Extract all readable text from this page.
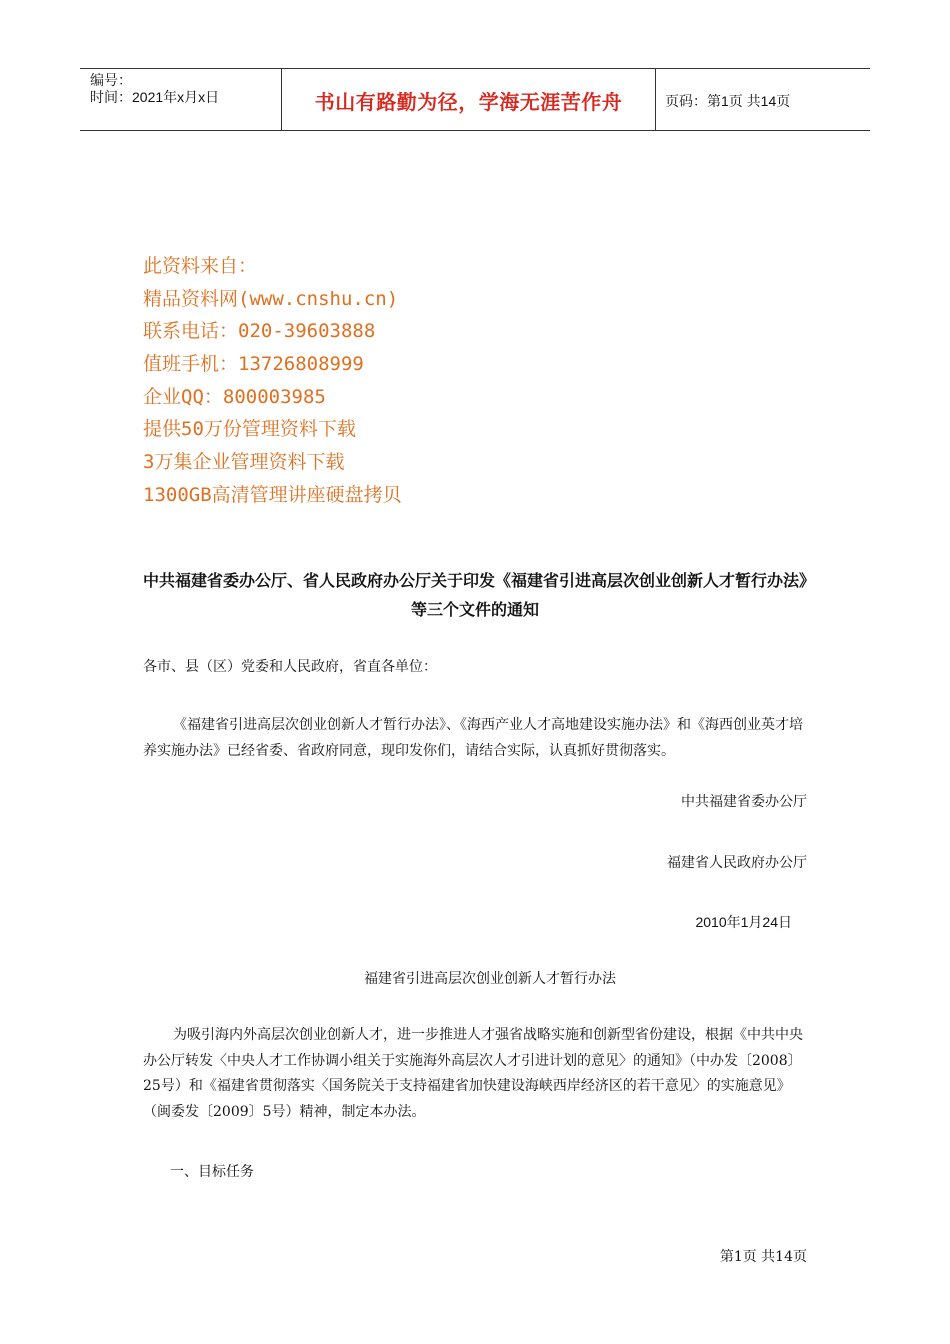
编号：
时间：2021年x月x日	书山有路勤为径，学海无涯苦作舟	页码：第1页 共14页
此资料来自：
精品资料网(www.cnshu.cn)
联系电话：020-39603888
值班手机：13726808999
企业QQ：800003985
提供50万份管理资料下载
3万集企业管理资料下载
1300GB高清管理讲座硬盘拷贝
中共福建省委办公厅、省人民政府办公厅关于印发《福建省引进高层次创业创新人才暂行办法》等三个文件的通知
各市、县（区）党委和人民政府，省直各单位：
《福建省引进高层次创业创新人才暂行办法》、《海西产业人才高地建设实施办法》和《海西创业英才培养实施办法》已经省委、省政府同意，现印发你们，请结合实际，认真抓好贯彻落实。
中共福建省委办公厅
福建省人民政府办公厅
2010年1月24日
福建省引进高层次创业创新人才暂行办法
为吸引海内外高层次创业创新人才，进一步推进人才强省战略实施和创新型省份建设，根据《中共中央办公厅转发〈中央人才工作协调小组关于实施海外高层次人才引进计划的意见〉的通知》（中办发〔2008〕25号）和《福建省贯彻落实〈国务院关于支持福建省加快建设海峡西岸经济区的若干意见〉的实施意见》（闽委发〔2009〕5号）精神，制定本办法。
一、目标任务
第1页 共14页
